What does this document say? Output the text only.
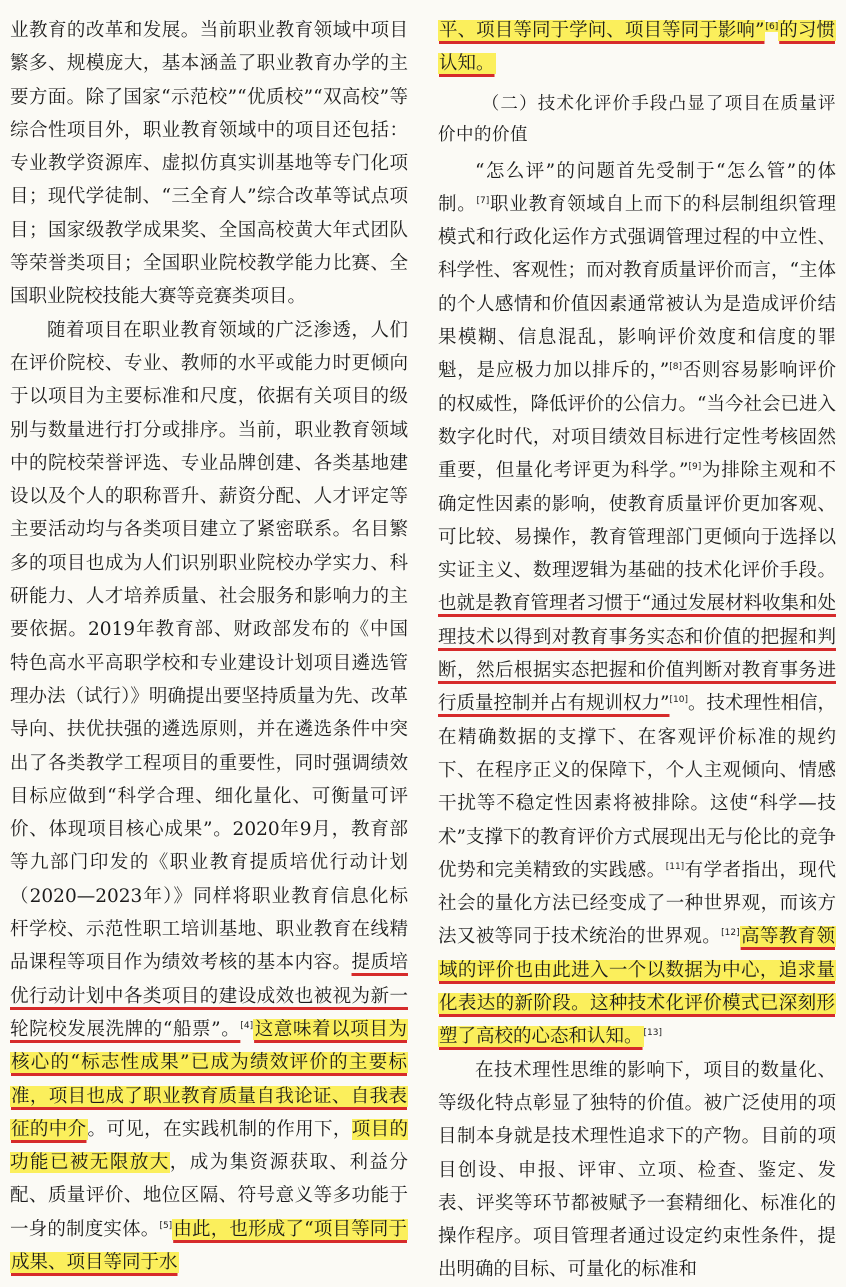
业教育的改革和发展。当前职业教育领域中项目繁多、规模庞大，基本涵盖了职业教育办学的主要方面。除了国家“示范校”“优质校”“双高校”等综合性项目外，职业教育领域中的项目还包括：专业教学资源库、虚拟仿真实训基地等专门化项目；现代学徒制、“三全育人”综合改革等试点项目；国家级教学成果奖、全国高校黄大年式团队等荣誉类项目；全国职业院校教学能力比赛、全国职业院校技能大赛等竞赛类项目。

随着项目在职业教育领域的广泛渗透，人们在评价院校、专业、教师的水平或能力时更倾向于以项目为主要标准和尺度，依据有关项目的级别与数量进行打分或排序。当前，职业教育领域中的院校荣誉评选、专业品牌创建、各类基地建设以及个人的职称晋升、薪资分配、人才评定等主要活动均与各类项目建立了紧密联系。名目繁多的项目也成为人们识别职业院校办学实力、科研能力、人才培养质量、社会服务和影响力的主要依据。2019年教育部、财政部发布的《中国特色高水平高职学校和专业建设计划项目遴选管理办法（试行）》明确提出要坚持质量为先、改革导向、扶优扶强的遴选原则，并在遴选条件中突出了各类教学工程项目的重要性，同时强调绩效目标应做到“科学合理、细化量化、可衡量可评价、体现项目核心成果”。2020年9月，教育部等九部门印发的《职业教育提质培优行动计划（2020—2023年）》同样将职业教育信息化标杆学校、示范性职工培训基地、职业教育在线精品课程等项目作为绩效考核的基本内容。提质培优行动计划中各类项目的建设成效也被视为新一轮院校发展洗牌的“船票”。[4]这意味着以项目为核心的“标志性成果”已成为绩效评价的主要标准，项目也成了职业教育质量自我论证、自我表征的中介。可见，在实践机制的作用下，项目的功能已被无限放大，成为集资源获取、利益分配、质量评价、地位区隔、符号意义等多功能于一身的制度实体。[5]由此，也形成了“项目等同于成果、项目等同于水

平、项目等同于学问、项目等同于影响”[6]的习惯认知。

（二）技术化评价手段凸显了项目在质量评价中的价值

“怎么评”的问题首先受制于“怎么管”的体制。[7]职业教育领域自上而下的科层制组织管理模式和行政化运作方式强调管理过程的中立性、科学性、客观性；而对教育质量评价而言，“主体的个人感情和价值因素通常被认为是造成评价结果模糊、信息混乱，影响评价效度和信度的罪魁，是应极力加以排斥的，”[8]否则容易影响评价的权威性，降低评价的公信力。“当今社会已进入数字化时代，对项目绩效目标进行定性考核固然重要，但量化考评更为科学。”[9]为排除主观和不确定性因素的影响，使教育质量评价更加客观、可比较、易操作，教育管理部门更倾向于选择以实证主义、数理逻辑为基础的技术化评价手段。也就是教育管理者习惯于“通过发展材料收集和处理技术以得到对教育事务实态和价值的把握和判断，然后根据实态把握和价值判断对教育事务进行质量控制并占有规训权力”[10]。技术理性相信，在精确数据的支撑下、在客观评价标准的规约下、在程序正义的保障下，个人主观倾向、情感干扰等不稳定性因素将被排除。这使“科学—技术”支撑下的教育评价方式展现出无与伦比的竞争优势和完美精致的实践感。[11]有学者指出，现代社会的量化方法已经变成了一种世界观，而该方法又被等同于技术统治的世界观。[12]高等教育领域的评价也由此进入一个以数据为中心，追求量化表达的新阶段。这种技术化评价模式已深刻形塑了高校的心态和认知。[13]

在技术理性思维的影响下，项目的数量化、等级化特点彰显了独特的价值。被广泛使用的项目制本身就是技术理性追求下的产物。目前的项目创设、申报、评审、立项、检查、鉴定、发表、评奖等环节都被赋予一套精细化、标准化的操作程序。项目管理者通过设定约束性条件，提出明确的目标、可量化的标准和
